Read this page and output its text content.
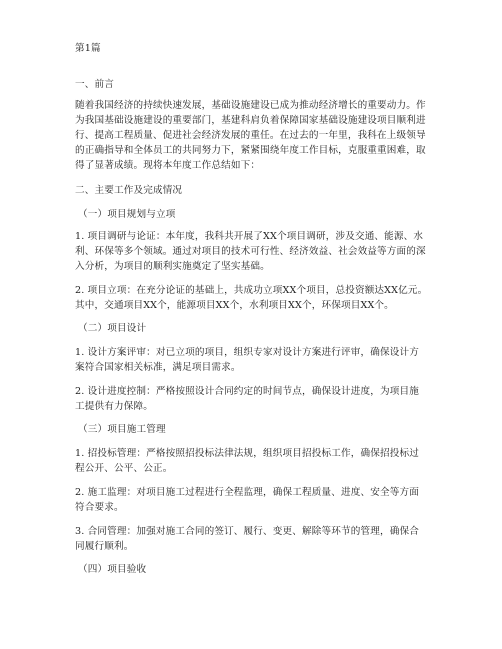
第1篇

一、前言

随着我国经济的持续快速发展，基础设施建设已成为推动经济增长的重要动力。作
为我国基础设施建设的重要部门，基建科肩负着保障国家基础设施建设项目顺利进
行、提高工程质量、促进社会经济发展的重任。在过去的一年里，我科在上级领导
的正确指导和全体员工的共同努力下，紧紧围绕年度工作目标，克服重重困难，取
得了显著成绩。现将本年度工作总结如下：

二、主要工作及完成情况

（一）项目规划与立项

1. 项目调研与论证：本年度，我科共开展了XX个项目调研，涉及交通、能源、水
利、环保等多个领域。通过对项目的技术可行性、经济效益、社会效益等方面的深
入分析，为项目的顺利实施奠定了坚实基础。
2. 项目立项：在充分论证的基础上，共成功立项XX个项目，总投资额达XX亿元。
其中，交通项目XX个，能源项目XX个，水利项目XX个，环保项目XX个。

（二）项目设计

1. 设计方案评审：对已立项的项目，组织专家对设计方案进行评审，确保设计方
案符合国家相关标准，满足项目需求。
2. 设计进度控制：严格按照设计合同约定的时间节点，确保设计进度，为项目施
工提供有力保障。

（三）项目施工管理

1. 招投标管理：严格按照招投标法律法规，组织项目招投标工作，确保招投标过
程公开、公平、公正。
2. 施工监理：对项目施工过程进行全程监理，确保工程质量、进度、安全等方面
符合要求。
3. 合同管理：加强对施工合同的签订、履行、变更、解除等环节的管理，确保合
同履行顺利。

（四）项目验收
